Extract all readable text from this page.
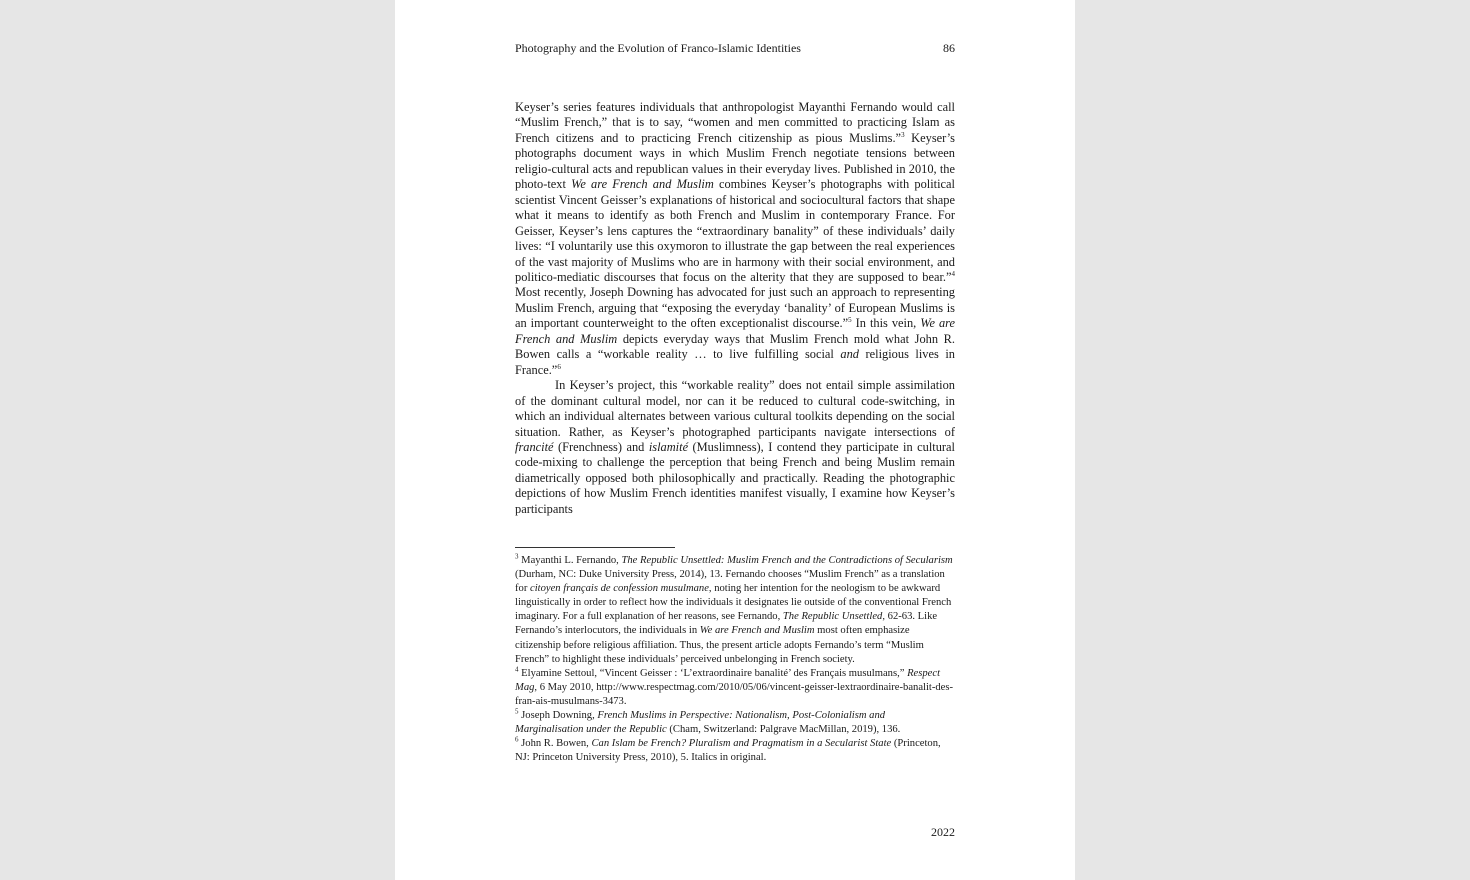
Photography and the Evolution of Franco-Islamic Identities	86

Keyser’s series features individuals that anthropologist Mayanthi Fernando would call “Muslim French,” that is to say, “women and men committed to practicing Islam as French citizens and to practicing French citizenship as pious Muslims.”$^3$ Keyser’s photographs document ways in which Muslim French negotiate tensions between religio-cultural acts and republican values in their everyday lives. Published in 2010, the photo-text We are French and Muslim combines Keyser’s photographs with political scientist Vincent Geisser’s explanations of historical and sociocultural factors that shape what it means to identify as both French and Muslim in contemporary France. For Geisser, Keyser’s lens captures the “extraordinary banality” of these individuals’ daily lives: “I voluntarily use this oxymoron to illustrate the gap between the real experiences of the vast majority of Muslims who are in harmony with their social environment, and politico-mediatic discourses that focus on the alterity that they are supposed to bear.”$^4$ Most recently, Joseph Downing has advocated for just such an approach to representing Muslim French, arguing that “exposing the everyday ‘banality’ of European Muslims is an important counterweight to the often exceptionalist discourse.”$^5$ In this vein, We are French and Muslim depicts everyday ways that Muslim French mold what John R. Bowen calls a “workable reality … to live fulfilling social and religious lives in France.”$^6$

In Keyser’s project, this “workable reality” does not entail simple assimilation of the dominant cultural model, nor can it be reduced to cultural code-switching, in which an individual alternates between various cultural toolkits depending on the social situation. Rather, as Keyser’s photographed participants navigate intersections of francité (Frenchness) and islamité (Muslimness), I contend they participate in cultural code-mixing to challenge the perception that being French and being Muslim remain diametrically opposed both philosophically and practically. Reading the photographic depictions of how Muslim French identities manifest visually, I examine how Keyser’s participants

$^3$ Mayanthi L. Fernando, The Republic Unsettled: Muslim French and the Contradictions of Secularism (Durham, NC: Duke University Press, 2014), 13. Fernando chooses “Muslim French” as a translation for citoyen français de confession musulmane, noting her intention for the neologism to be awkward linguistically in order to reflect how the individuals it designates lie outside of the conventional French imaginary. For a full explanation of her reasons, see Fernando, The Republic Unsettled, 62-63. Like Fernando’s interlocutors, the individuals in We are French and Muslim most often emphasize citizenship before religious affiliation. Thus, the present article adopts Fernando’s term “Muslim French” to highlight these individuals’ perceived unbelonging in French society.

$^4$ Elyamine Settoul, “Vincent Geisser : ‘L’extraordinaire banalité’ des Français musulmans,” Respect Mag, 6 May 2010, http://www.respectmag.com/2010/05/06/vincent-geisser-lextraordinaire-banalit-des-fran-ais-musulmans-3473.

$^5$ Joseph Downing, French Muslims in Perspective: Nationalism, Post-Colonialism and Marginalisation under the Republic (Cham, Switzerland: Palgrave MacMillan, 2019), 136.

$^6$ John R. Bowen, Can Islam be French? Pluralism and Pragmatism in a Secularist State (Princeton, NJ: Princeton University Press, 2010), 5. Italics in original.

2022
